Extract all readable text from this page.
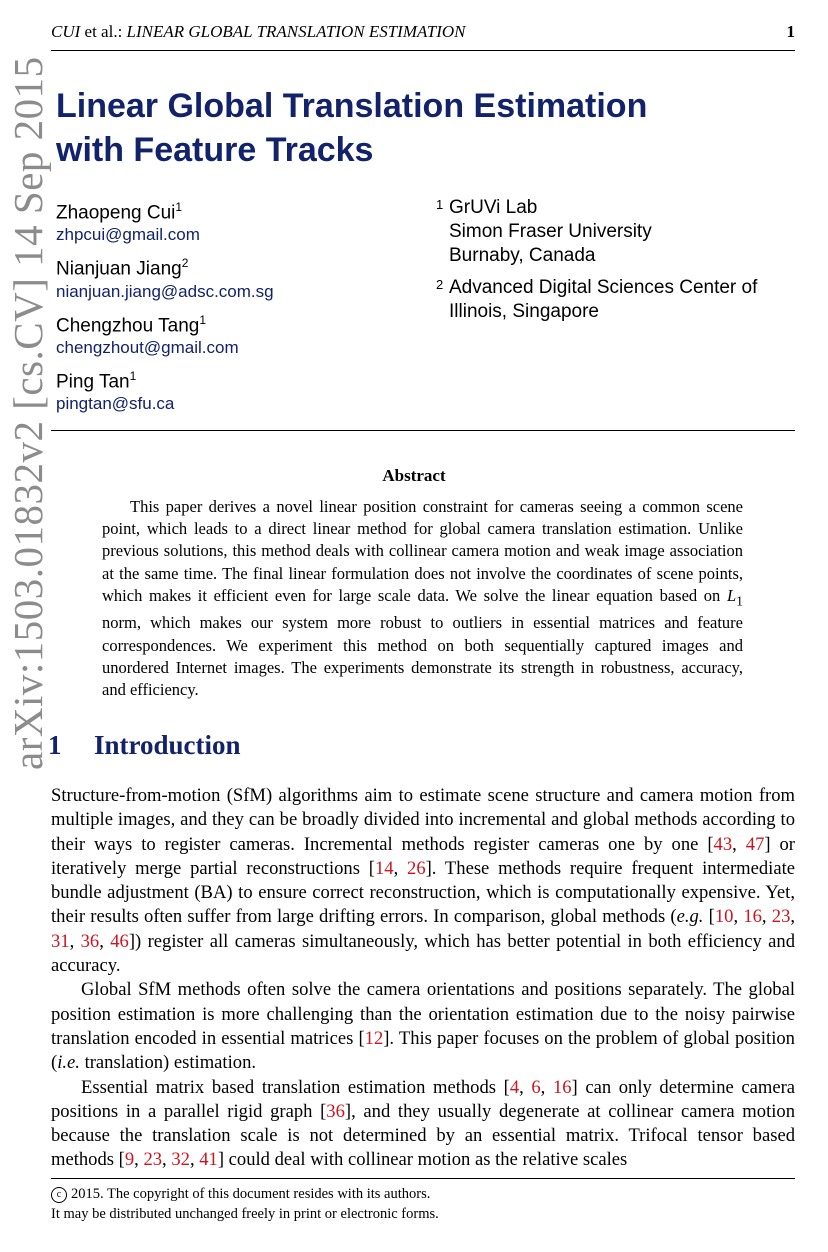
CUI et al.: LINEAR GLOBAL TRANSLATION ESTIMATION	1
arXiv:1503.01832v2 [cs.CV] 14 Sep 2015 Linear Global Translation Estimation
with Feature Tracks
Zhaopeng Cui$^1$
zhpcui@gmail.com
Nianjuan Jiang$^2$
nianjuan.jiang@adsc.com.sg
Chengzhou Tang$^1$
chengzhout@gmail.com
Ping Tan$^1$
pingtan@sfu.ca
1 GrUVi Lab
Simon Fraser University
Burnaby, Canada
2 Advanced Digital Sciences Center of
Illinois, Singapore
Abstract
This paper derives a novel linear position constraint for cameras seeing a common scene point, which leads to a direct linear method for global camera translation estimation. Unlike previous solutions, this method deals with collinear camera motion and weak image association at the same time. The final linear formulation does not involve the coordinates of scene points, which makes it efficient even for large scale data. We solve the linear equation based on $L_1$ norm, which makes our system more robust to outliers in essential matrices and feature correspondences. We experiment this method on both sequentially captured images and unordered Internet images. The experiments demonstrate its strength in robustness, accuracy, and efficiency.
1 Introduction

Structure-from-motion (SfM) algorithms aim to estimate scene structure and camera motion from multiple images, and they can be broadly divided into incremental and global methods according to their ways to register cameras. Incremental methods register cameras one by one [43, 47] or iteratively merge partial reconstructions [14, 26]. These methods require frequent intermediate bundle adjustment (BA) to ensure correct reconstruction, which is computationally expensive. Yet, their results often suffer from large drifting errors. In comparison, global methods (e.g. [10, 16, 23, 31, 36, 46]) register all cameras simultaneously, which has better potential in both efficiency and accuracy.

Global SfM methods often solve the camera orientations and positions separately. The global position estimation is more challenging than the orientation estimation due to the noisy pairwise translation encoded in essential matrices [12]. This paper focuses on the problem of global position (i.e. translation) estimation.

Essential matrix based translation estimation methods [4, 6, 16] can only determine camera positions in a parallel rigid graph [36], and they usually degenerate at collinear camera motion because the translation scale is not determined by an essential matrix. Trifocal tensor based methods [9, 23, 32, 41] could deal with collinear motion as the relative scales

c 2015. The copyright of this document resides with its authors.
It may be distributed unchanged freely in print or electronic forms.
